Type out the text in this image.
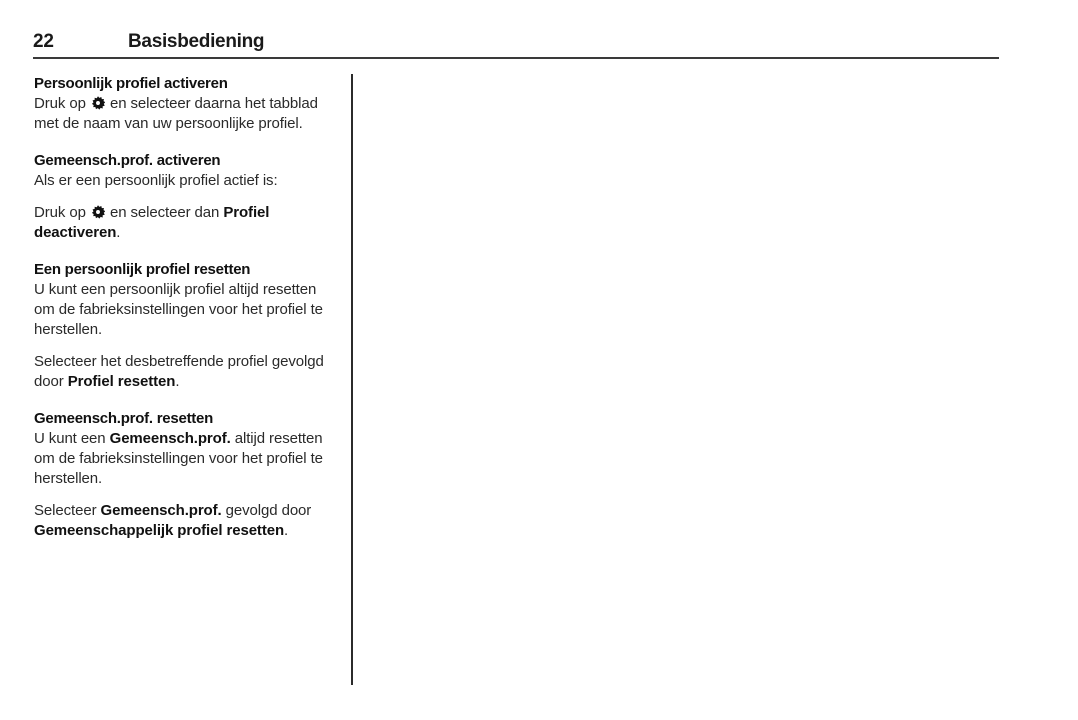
22	Basisbediening
Persoonlijk profiel activeren

Druk op
en selecteer daarna het tabblad met de naam van uw persoonlijke profiel.

Gemeensch.prof. activeren

Als er een persoonlijk profiel actief is:

Druk op
en selecteer dan Profiel deactiveren.

Een persoonlijk profiel resetten

U kunt een persoonlijk profiel altijd resetten om de fabrieksinstellingen voor het profiel te herstellen.

Selecteer het desbetreffende profiel gevolgd door Profiel resetten.

Gemeensch.prof. resetten

U kunt een Gemeensch.prof. altijd resetten om de fabrieksinstellingen voor het profiel te herstellen.

Selecteer Gemeensch.prof. gevolgd door Gemeenschappelijk profiel resetten.
